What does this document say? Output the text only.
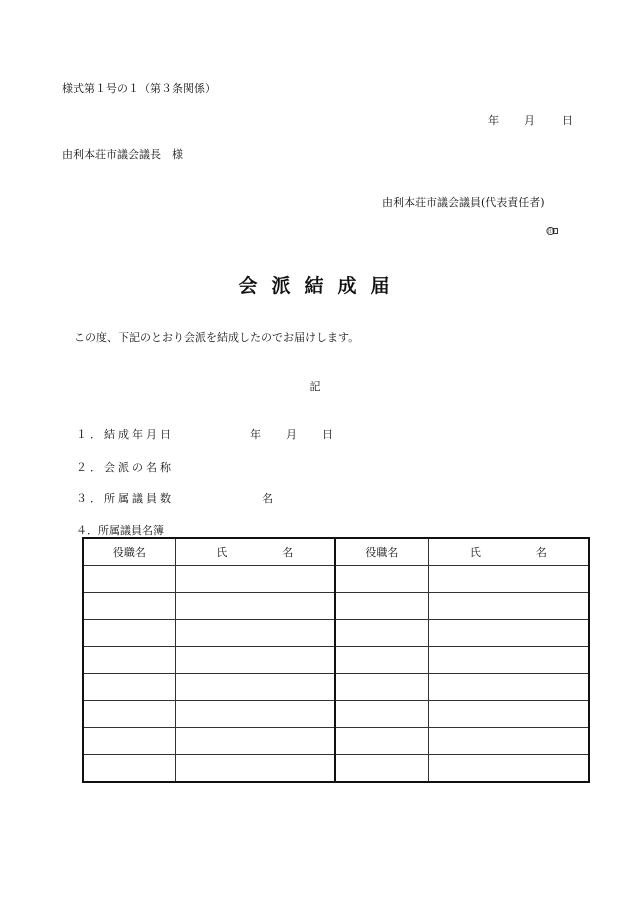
様式第１号の１（第３条関係）
年 月 日
由利本荘市議会議長　様
由利本荘市議会議員(代表責任者)
印
会派結成届
この度、下記のとおり会派を結成したのでお届けします。
記
１．結成年月日	年 月 日
２．会派の名称
３．所属議員数	名
４．所属議員名簿
役職名	氏　名	役職名	氏　名
